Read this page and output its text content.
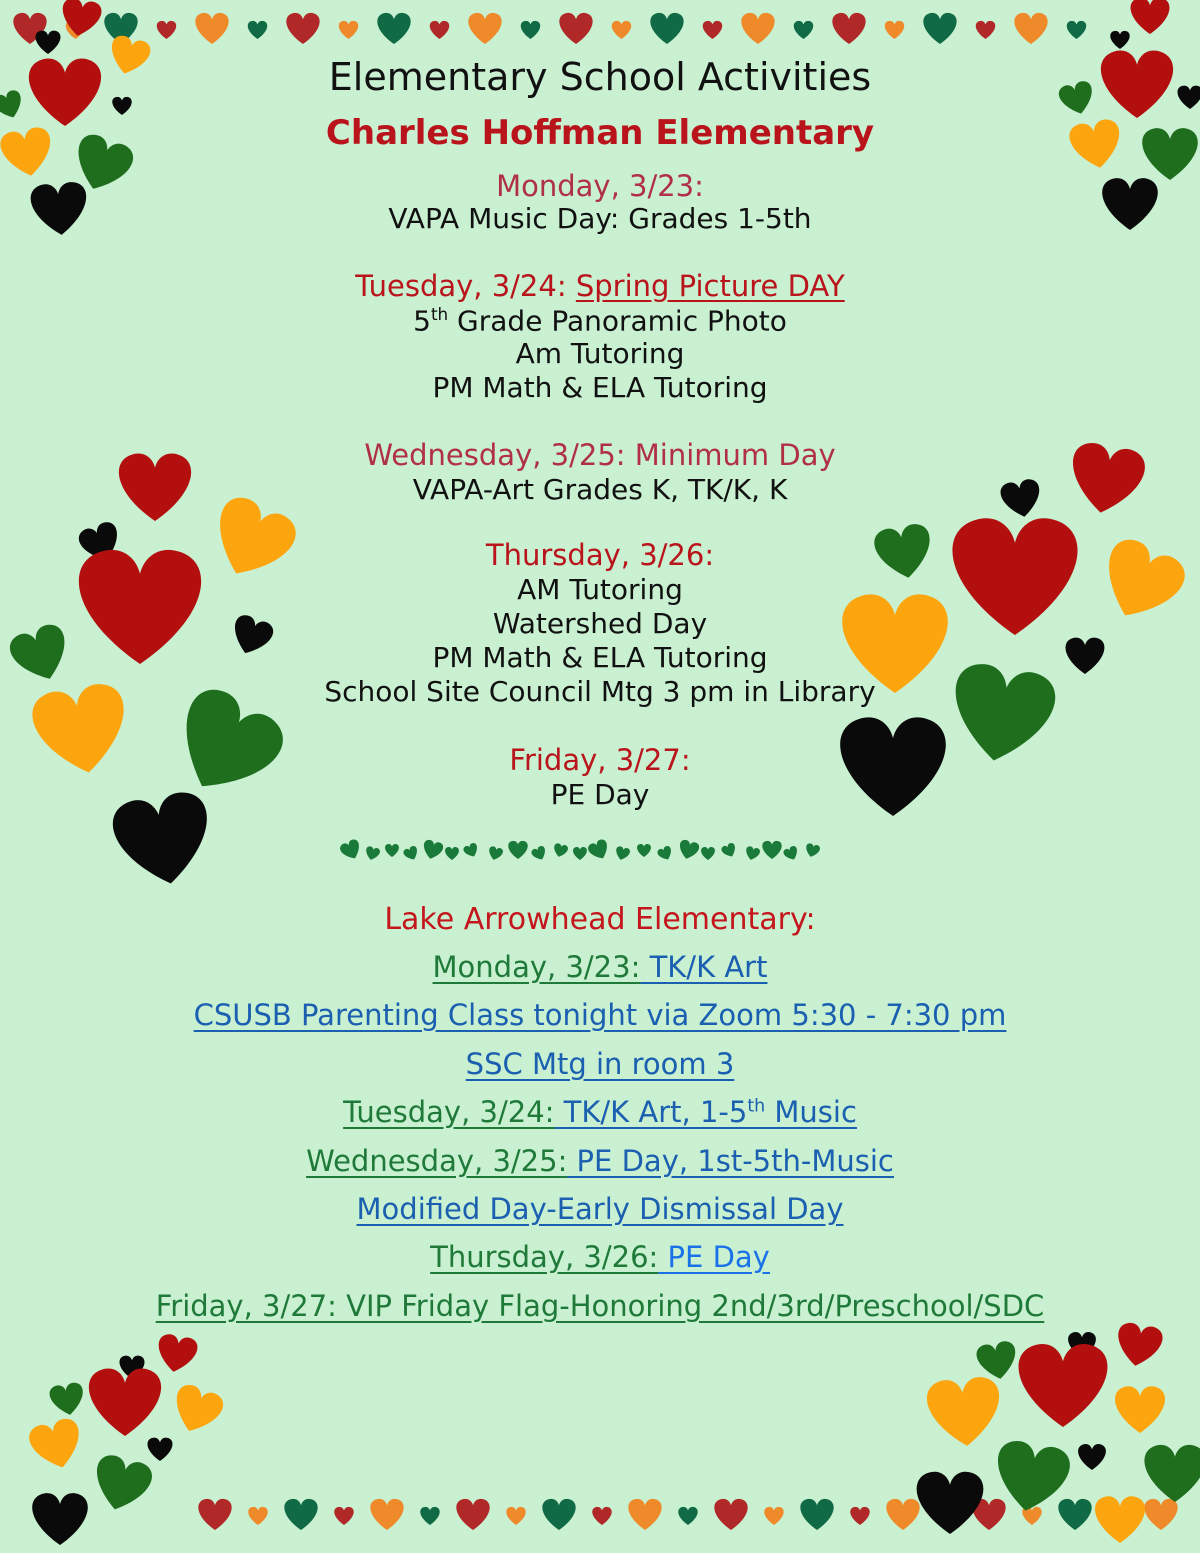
Elementary School Activities
Charles Hoffman Elementary
Monday, 3/23:
VAPA Music Day: Grades 1-5th
Tuesday, 3/24: Spring Picture DAY
5th Grade Panoramic Photo
Am Tutoring
PM Math & ELA Tutoring
Wednesday, 3/25: Minimum Day
VAPA-Art Grades K, TK/K, K
Thursday, 3/26:
AM Tutoring
Watershed Day
PM Math & ELA Tutoring
School Site Council Mtg 3 pm in Library
Friday, 3/27:
PE Day
Lake Arrowhead Elementary:
Monday, 3/23: TK/K Art
CSUSB Parenting Class tonight via Zoom 5:30 - 7:30 pm
SSC Mtg in room 3
Tuesday, 3/24: TK/K Art, 1-5th Music
Wednesday, 3/25: PE Day, 1st-5th-Music
Modified Day-Early Dismissal Day
Thursday, 3/26: PE Day
Friday, 3/27: VIP Friday Flag-Honoring 2nd/3rd/Preschool/SDC
